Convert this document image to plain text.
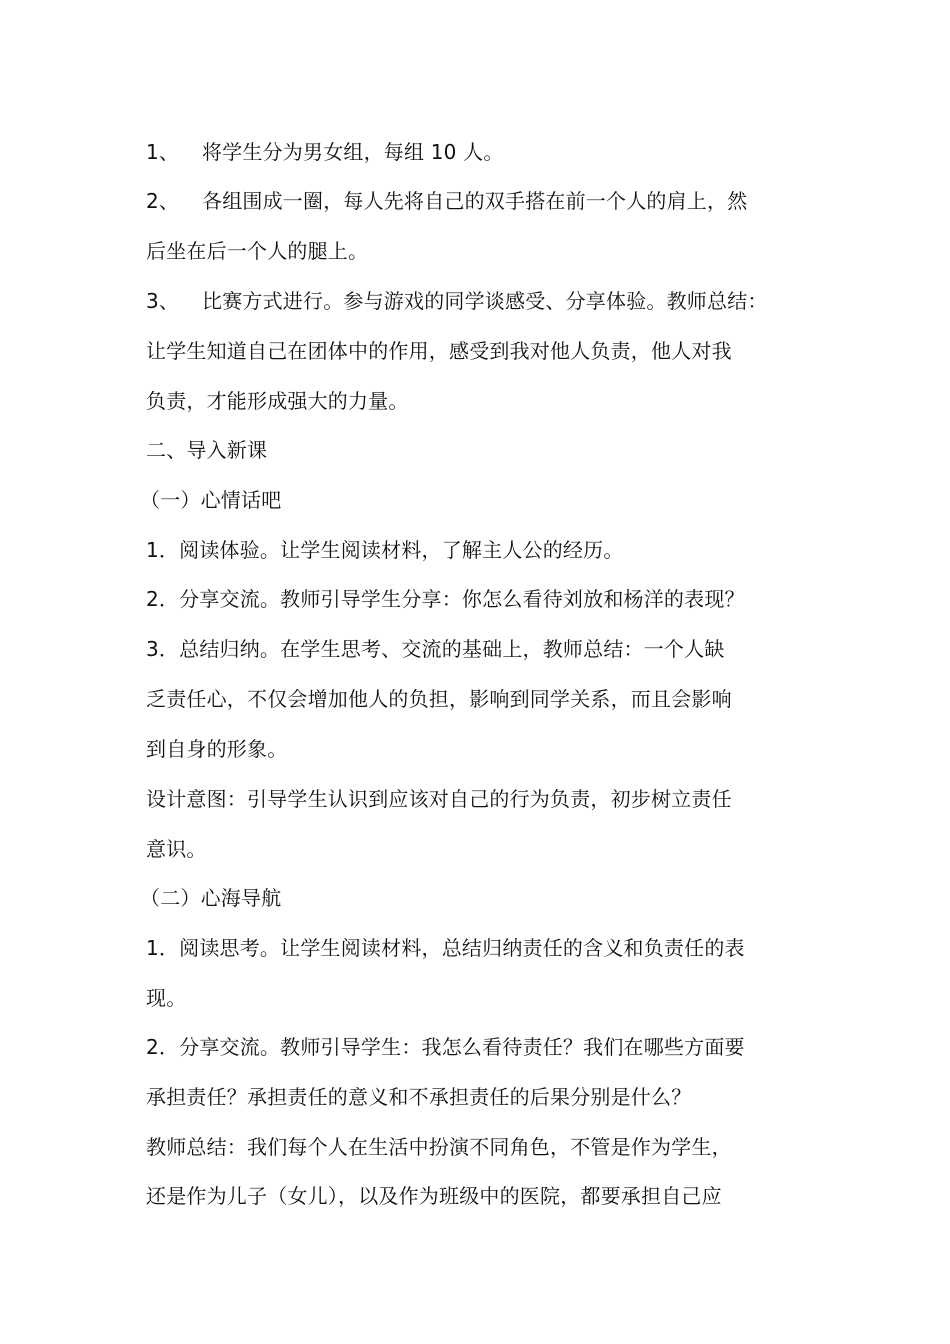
1、 将学生分为男女组，每组 10 人。
2、 各组围成一圈，每人先将自己的双手搭在前一个人的肩上，然
后坐在后一个人的腿上。
3、 比赛方式进行。参与游戏的同学谈感受、分享体验。教师总结：
让学生知道自己在团体中的作用，感受到我对他人负责，他人对我
负责，才能形成强大的力量。
二、导入新课
（一）心情话吧
1．阅读体验。让学生阅读材料，了解主人公的经历。
2．分享交流。教师引导学生分享：你怎么看待刘放和杨洋的表现？
3．总结归纳。在学生思考、交流的基础上，教师总结：一个人缺
乏责任心，不仅会增加他人的负担，影响到同学关系，而且会影响
到自身的形象。
设计意图：引导学生认识到应该对自己的行为负责，初步树立责任
意识。
（二）心海导航
1．阅读思考。让学生阅读材料，总结归纳责任的含义和负责任的表
现。
2．分享交流。教师引导学生：我怎么看待责任？我们在哪些方面要
承担责任？承担责任的意义和不承担责任的后果分别是什么？
教师总结：我们每个人在生活中扮演不同角色，不管是作为学生，
还是作为儿子（女儿），以及作为班级中的医院，都要承担自己应
